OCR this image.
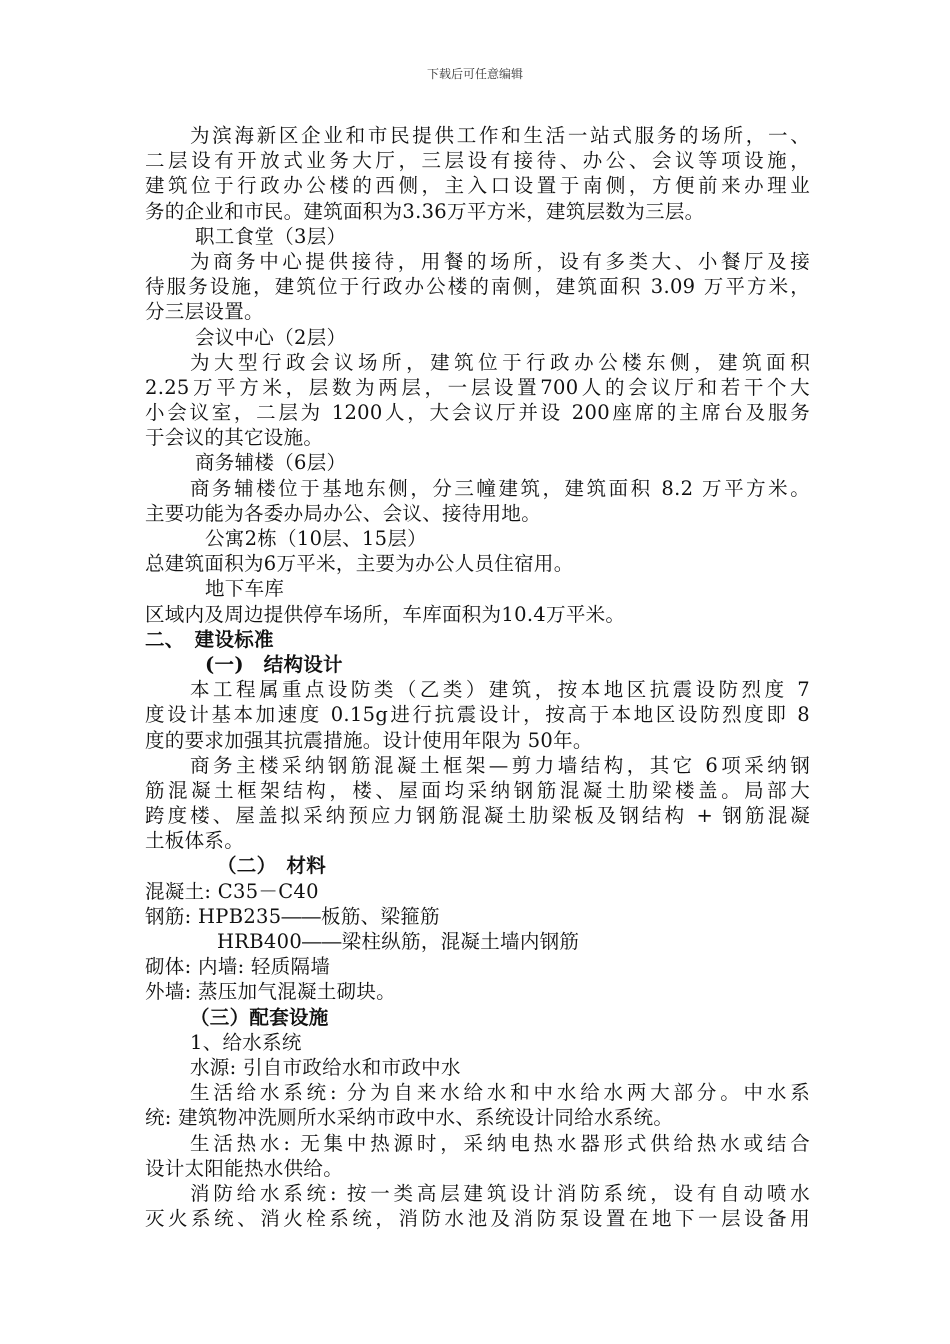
下载后可任意编辑
为滨海新区企业和市民提供工作和生活一站式服务的场所，一、
二层设有开放式业务大厅，三层设有接待、办公、会议等项设施，
建筑位于行政办公楼的西侧，主入口设置于南侧，方便前来办理业
务的企业和市民。建筑面积为3.36万平方米，建筑层数为三层。
职工食堂（3层）
为商务中心提供接待，用餐的场所，设有多类大、小餐厅及接
待服务设施，建筑位于行政办公楼的南侧，建筑面积 3.09 万平方米，
分三层设置。
会议中心（2层）
为大型行政会议场所，建筑位于行政办公楼东侧，建筑面积
2.25万平方米，层数为两层，一层设置700人的会议厅和若干个大
小会议室，二层为 1200人，大会议厅并设 200座席的主席台及服务
于会议的其它设施。
商务辅楼（6层）
商务辅楼位于基地东侧，分三幢建筑，建筑面积 8.2 万平方米。
主要功能为各委办局办公、会议、接待用地。
公寓2栋（10层、15层）
总建筑面积为6万平米，主要为办公人员住宿用。
地下车库
区域内及周边提供停车场所，车库面积为10.4万平米。
二、　建设标准
(一)　结构设计
本工程属重点设防类（乙类）建筑，按本地区抗震设防烈度 7
度设计基本加速度 0.15g进行抗震设计，按高于本地区设防烈度即 8
度的要求加强其抗震措施。设计使用年限为 50年。
商务主楼采纳钢筋混凝土框架—剪力墙结构，其它 6项采纳钢
筋混凝土框架结构，楼、屋面均采纳钢筋混凝土肋梁楼盖。局部大
跨度楼、屋盖拟采纳预应力钢筋混凝土肋梁板及钢结构 + 钢筋混凝
土板体系。
（二）　材料
混凝土: C35－C40
钢筋: HPB235――板筋、梁箍筋
HRB400――梁柱纵筋，混凝土墙内钢筋
砌体: 内墙: 轻质隔墙
外墙: 蒸压加气混凝土砌块。
（三）配套设施
1、给水系统
水源: 引自市政给水和市政中水
生活给水系统: 分为自来水给水和中水给水两大部分。中水系
统: 建筑物冲洗厕所水采纳市政中水、系统设计同给水系统。
生活热水: 无集中热源时，采纳电热水器形式供给热水或结合
设计太阳能热水供给。
消防给水系统: 按一类高层建筑设计消防系统，设有自动喷水
灭火系统、消火栓系统，消防水池及消防泵设置在地下一层设备用
